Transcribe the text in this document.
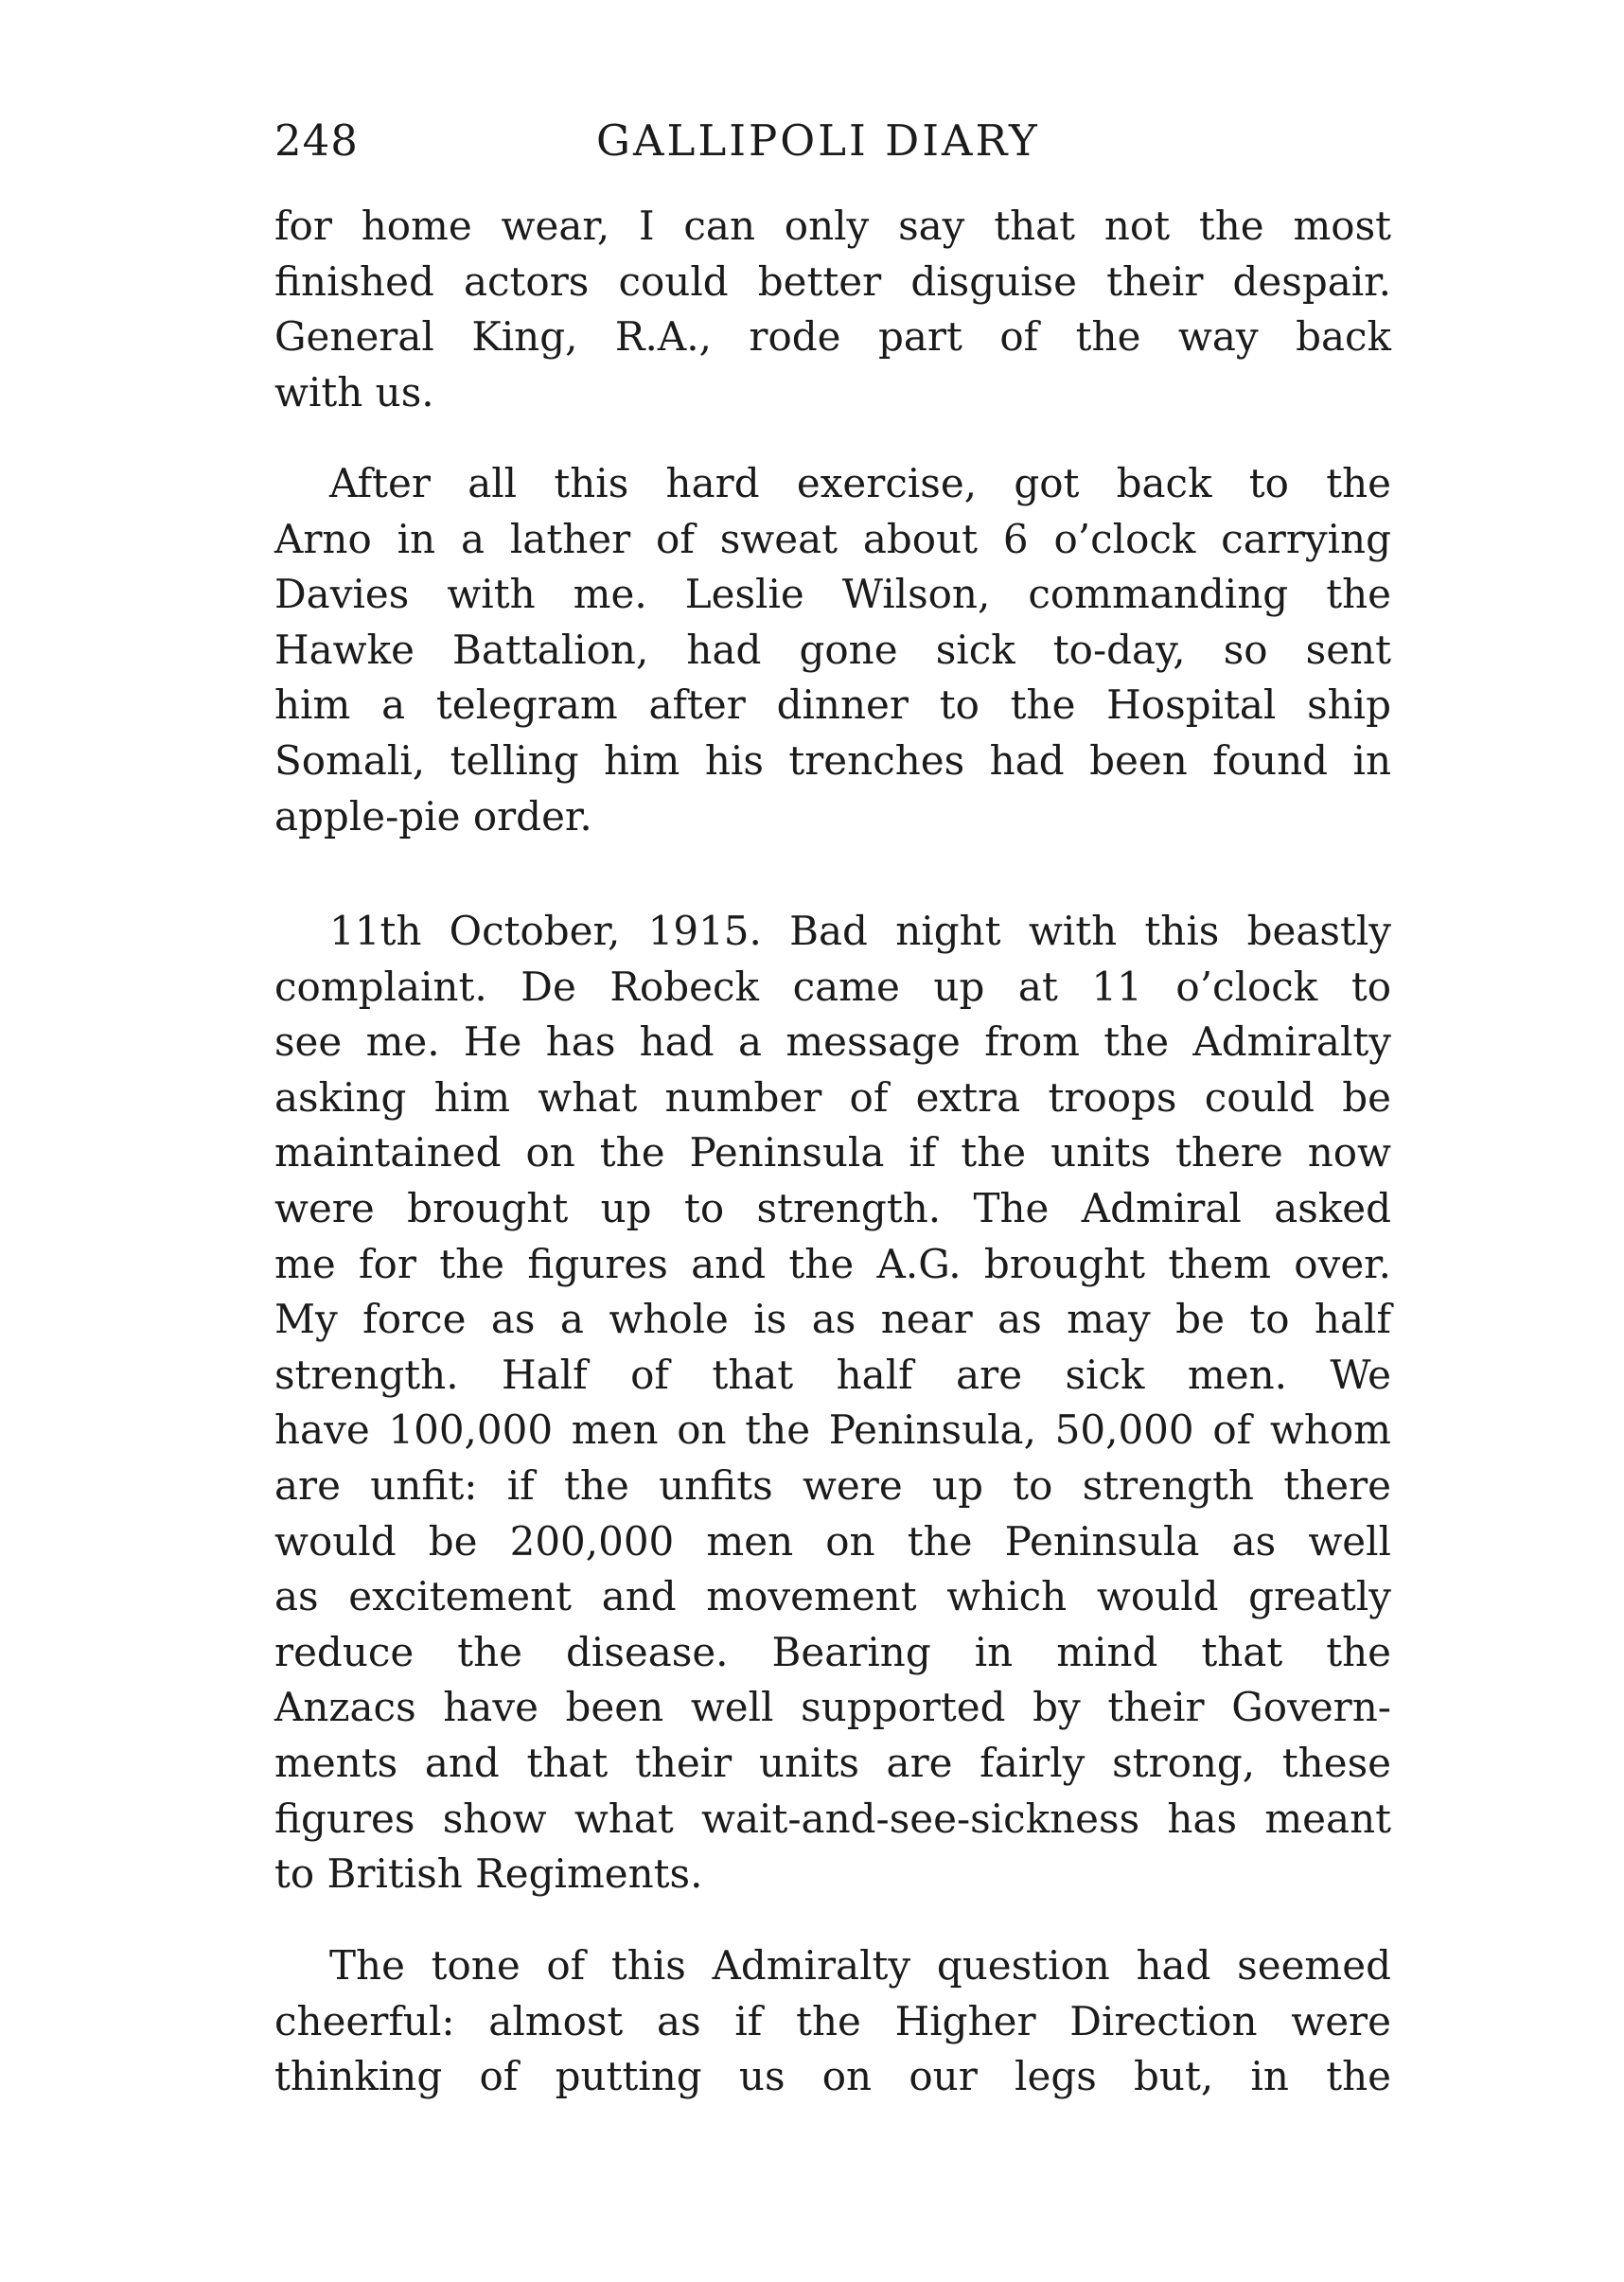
248	GALLIPOLI DIARY
for home wear, I can only say that not the most
finished actors could better disguise their despair.
General King, R.A., rode part of the way back
with us.
After all this hard exercise, got back to the
Arno in a lather of sweat about 6 o’clock carrying
Davies with me. Leslie Wilson, commanding the
Hawke Battalion, had gone sick to-day, so sent
him a telegram after dinner to the Hospital ship
Somali, telling him his trenches had been found in
apple-pie order.
11th October, 1915. Bad night with this beastly
complaint. De Robeck came up at 11 o’clock to
see me. He has had a message from the Admiralty
asking him what number of extra troops could be
maintained on the Peninsula if the units there now
were brought up to strength. The Admiral asked
me for the figures and the A.G. brought them over.
My force as a whole is as near as may be to half
strength. Half of that half are sick men. We
have 100,000 men on the Peninsula, 50,000 of whom
are unfit: if the unfits were up to strength there
would be 200,000 men on the Peninsula as well
as excitement and movement which would greatly
reduce the disease. Bearing in mind that the
Anzacs have been well supported by their Govern-
ments and that their units are fairly strong, these
figures show what wait-and-see-sickness has meant
to British Regiments.
The tone of this Admiralty question had seemed
cheerful: almost as if the Higher Direction were
thinking of putting us on our legs but, in the
